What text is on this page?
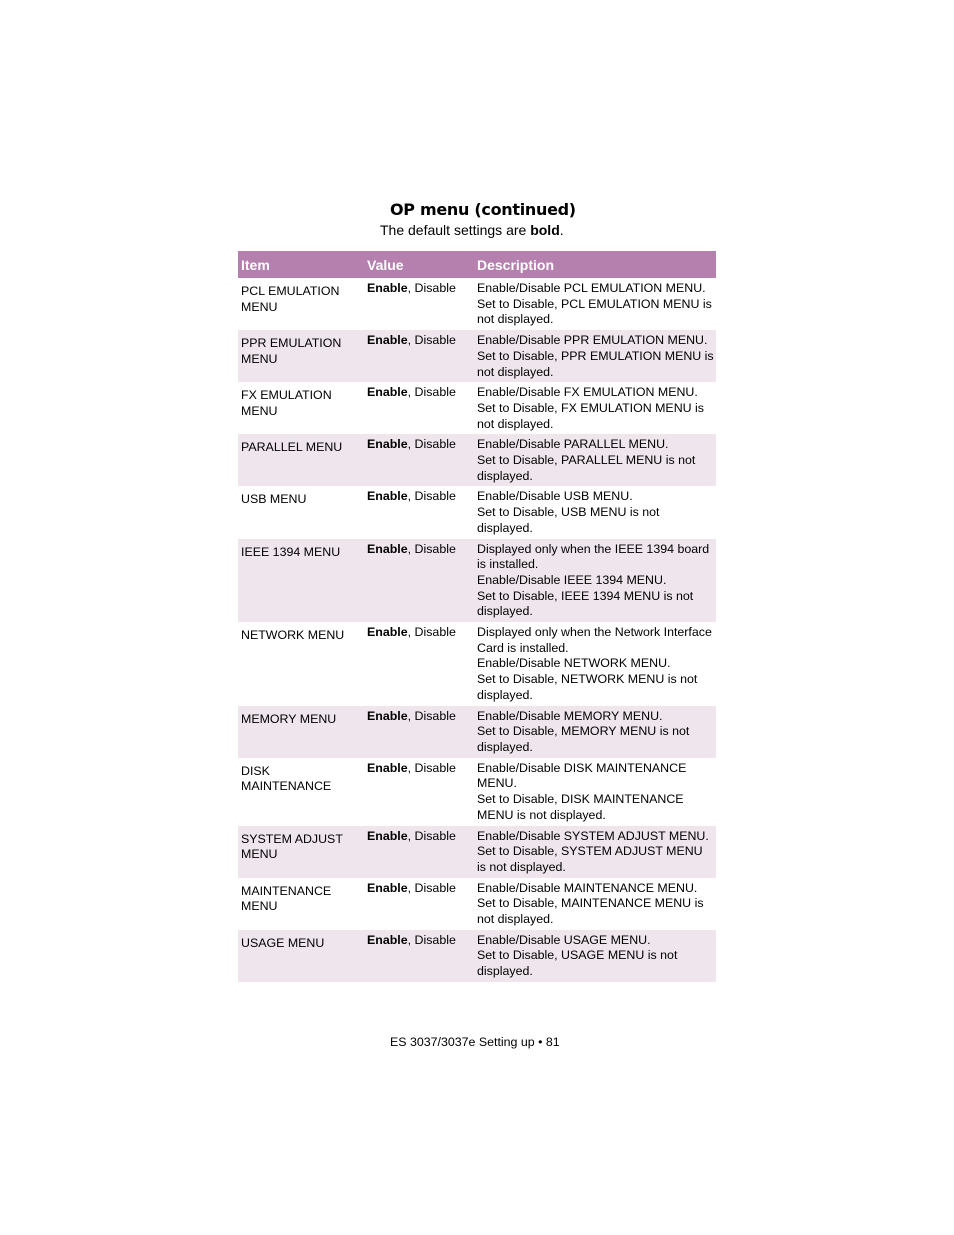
OP menu (continued)
The default settings are bold.
Item	Value	Description
PCL EMULATION MENU	Enable, Disable	Enable/Disable PCL EMULATION MENU.
Set to Disable, PCL EMULATION MENU is not displayed.

PPR EMULATION MENU	Enable, Disable	Enable/Disable PPR EMULATION MENU.
Set to Disable, PPR EMULATION MENU is not displayed.

FX EMULATION MENU	Enable, Disable	Enable/Disable FX EMULATION MENU.
Set to Disable, FX EMULATION MENU is not displayed.

PARALLEL MENU	Enable, Disable	Enable/Disable PARALLEL MENU.
Set to Disable, PARALLEL MENU is not displayed.

USB MENU	Enable, Disable	Enable/Disable USB MENU.
Set to Disable, USB MENU is not displayed.

IEEE 1394 MENU	Enable, Disable	Displayed only when the IEEE 1394 board is installed.
Enable/Disable IEEE 1394 MENU.
Set to Disable, IEEE 1394 MENU is not displayed.

NETWORK MENU	Enable, Disable	Displayed only when the Network Interface Card is installed.
Enable/Disable NETWORK MENU.
Set to Disable, NETWORK MENU is not displayed.

MEMORY MENU	Enable, Disable	Enable/Disable MEMORY MENU.
Set to Disable, MEMORY MENU is not displayed.

DISK MAINTENANCE	Enable, Disable	Enable/Disable DISK MAINTENANCE MENU.
Set to Disable, DISK MAINTENANCE MENU is not displayed.

SYSTEM ADJUST MENU	Enable, Disable	Enable/Disable SYSTEM ADJUST MENU.
Set to Disable, SYSTEM ADJUST MENU is not displayed.

MAINTENANCE MENU	Enable, Disable	Enable/Disable MAINTENANCE MENU.
Set to Disable, MAINTENANCE MENU is not displayed.

USAGE MENU	Enable, Disable	Enable/Disable USAGE MENU.
Set to Disable, USAGE MENU is not displayed.
ES 3037/3037e Setting up • 81
